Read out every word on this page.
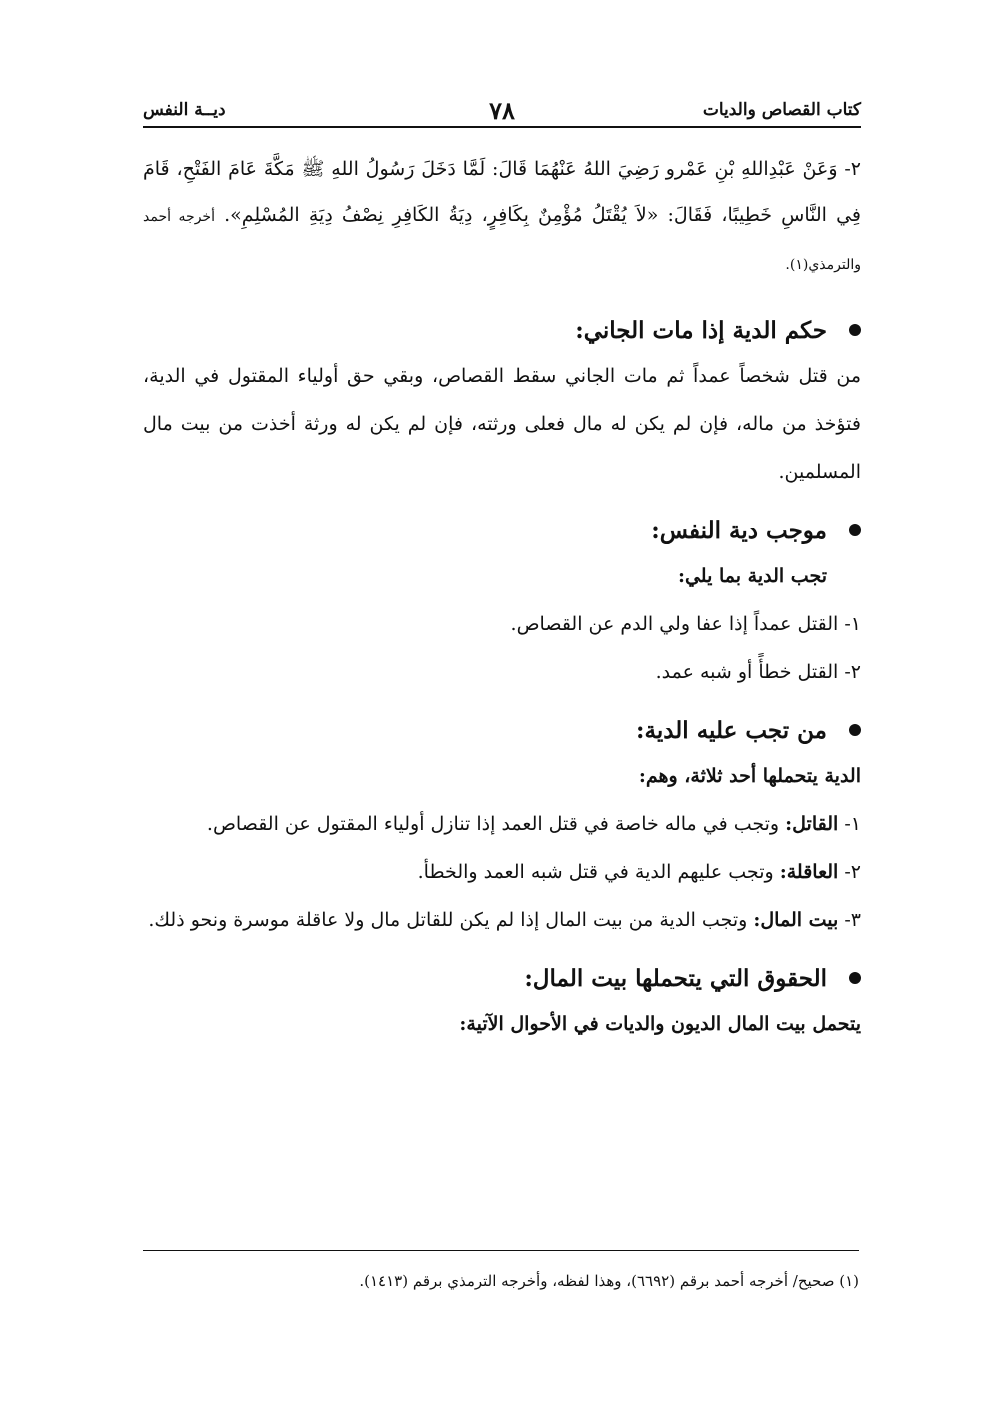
كتاب القصاص والديات
٧٨
ديــة النفس
٢- وَعَنْ عَبْدِاللهِ بْنِ عَمْرو رَضِيَ اللهُ عَنْهُمَا قَالَ: لَمَّا دَخَلَ رَسُولُ اللهِ ﷺ مَكَّةَ عَامَ الفَتْحِ، قَامَ فِي النَّاسِ خَطِيبًا، فَقَالَ: «لاَ يُقْتَلُ مُؤْمِنٌ بِكَافِرٍ، دِيَةُ الكَافِرِ نِصْفُ دِيَةِ المُسْلِمِ». أخرجه أحمد والترمذي(١).
حكم الدية إذا مات الجاني:
من قتل شخصاً عمداً ثم مات الجاني سقط القصاص، وبقي حق أولياء المقتول في الدية، فتؤخذ من ماله، فإن لم يكن له مال فعلى ورثته، فإن لم يكن له ورثة أخذت من بيت مال المسلمين.
موجب دية النفس:
تجب الدية بما يلي:
١- القتل عمداً إذا عفا ولي الدم عن القصاص.
٢- القتل خطأً أو شبه عمد.
من تجب عليه الدية:
الدية يتحملها أحد ثلاثة، وهم:
١- القاتل: وتجب في ماله خاصة في قتل العمد إذا تنازل أولياء المقتول عن القصاص.
٢- العاقلة: وتجب عليهم الدية في قتل شبه العمد والخطأ.
٣- بيت المال: وتجب الدية من بيت المال إذا لم يكن للقاتل مال ولا عاقلة موسرة ونحو ذلك.
الحقوق التي يتحملها بيت المال:
يتحمل بيت المال الديون والديات في الأحوال الآتية:
(١) صحيح/ أخرجه أحمد برقم (٦٦٩٢)، وهذا لفظه، وأخرجه الترمذي برقم (١٤١٣).
